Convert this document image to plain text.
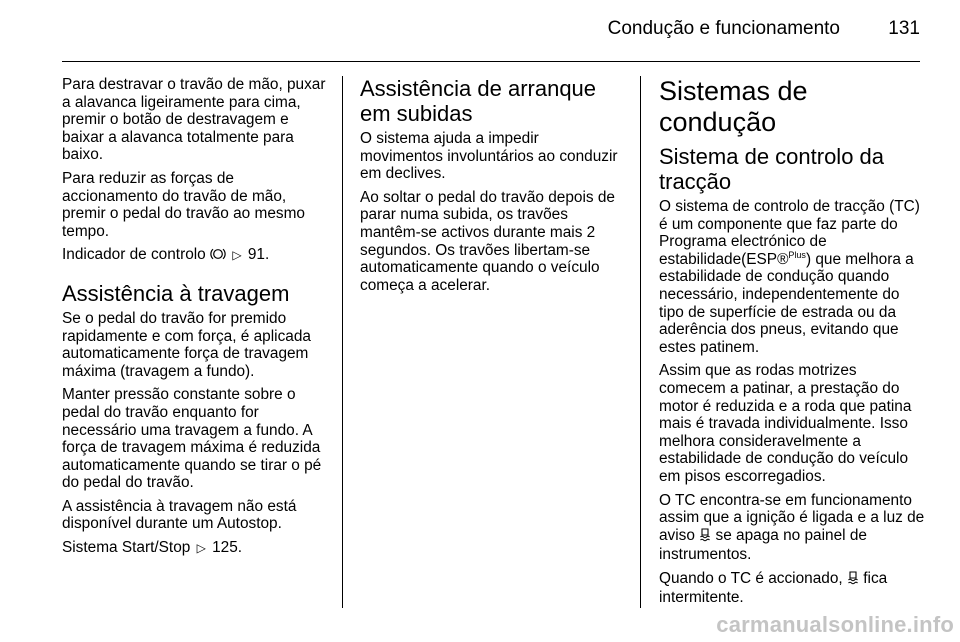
Condução e funcionamento	131

Para destravar o travão de mão, puxar a alavanca ligeiramente para cima, premir o botão de destravagem e baixar a alavanca totalmente para baixo.

Para reduzir as forças de accionamento do travão de mão, premir o pedal do travão ao mesmo tempo.

Indicador de controlo ▷ 91.

Assistência à travagem

Se o pedal do travão for premido rapidamente e com força, é aplicada automaticamente força de travagem máxima (travagem a fundo).

Manter pressão constante sobre o pedal do travão enquanto for necessário uma travagem a fundo. A força de travagem máxima é reduzida automaticamente quando se tirar o pé do pedal do travão.

A assistência à travagem não está disponível durante um Autostop.

Sistema Start/Stop ▷ 125.

Assistência de arranque em subidas

O sistema ajuda a impedir movimentos involuntários ao conduzir em declives.

Ao soltar o pedal do travão depois de parar numa subida, os travões mantêm-se activos durante mais 2 segundos. Os travões libertam-se automaticamente quando o veículo começa a acelerar.

Sistemas de condução
Sistema de controlo da tracção

O sistema de controlo de tracção (TC) é um componente que faz parte do Programa electrónico de estabilidade(ESP®$^{Plus}$) que melhora a estabilidade de condução quando necessário, independentemente do tipo de superfície de estrada ou da aderência dos pneus, evitando que estes patinem.

Assim que as rodas motrizes comecem a patinar, a prestação do motor é reduzida e a roda que patina mais é travada individualmente. Isso melhora consideravelmente a estabilidade de condução do veículo em pisos escorregadios.

O TC encontra-se em funcionamento assim que a ignição é ligada e a luz de aviso se apaga no painel de instrumentos.

Quando o TC é accionado, fica intermitente.

carmanualsonline.info
